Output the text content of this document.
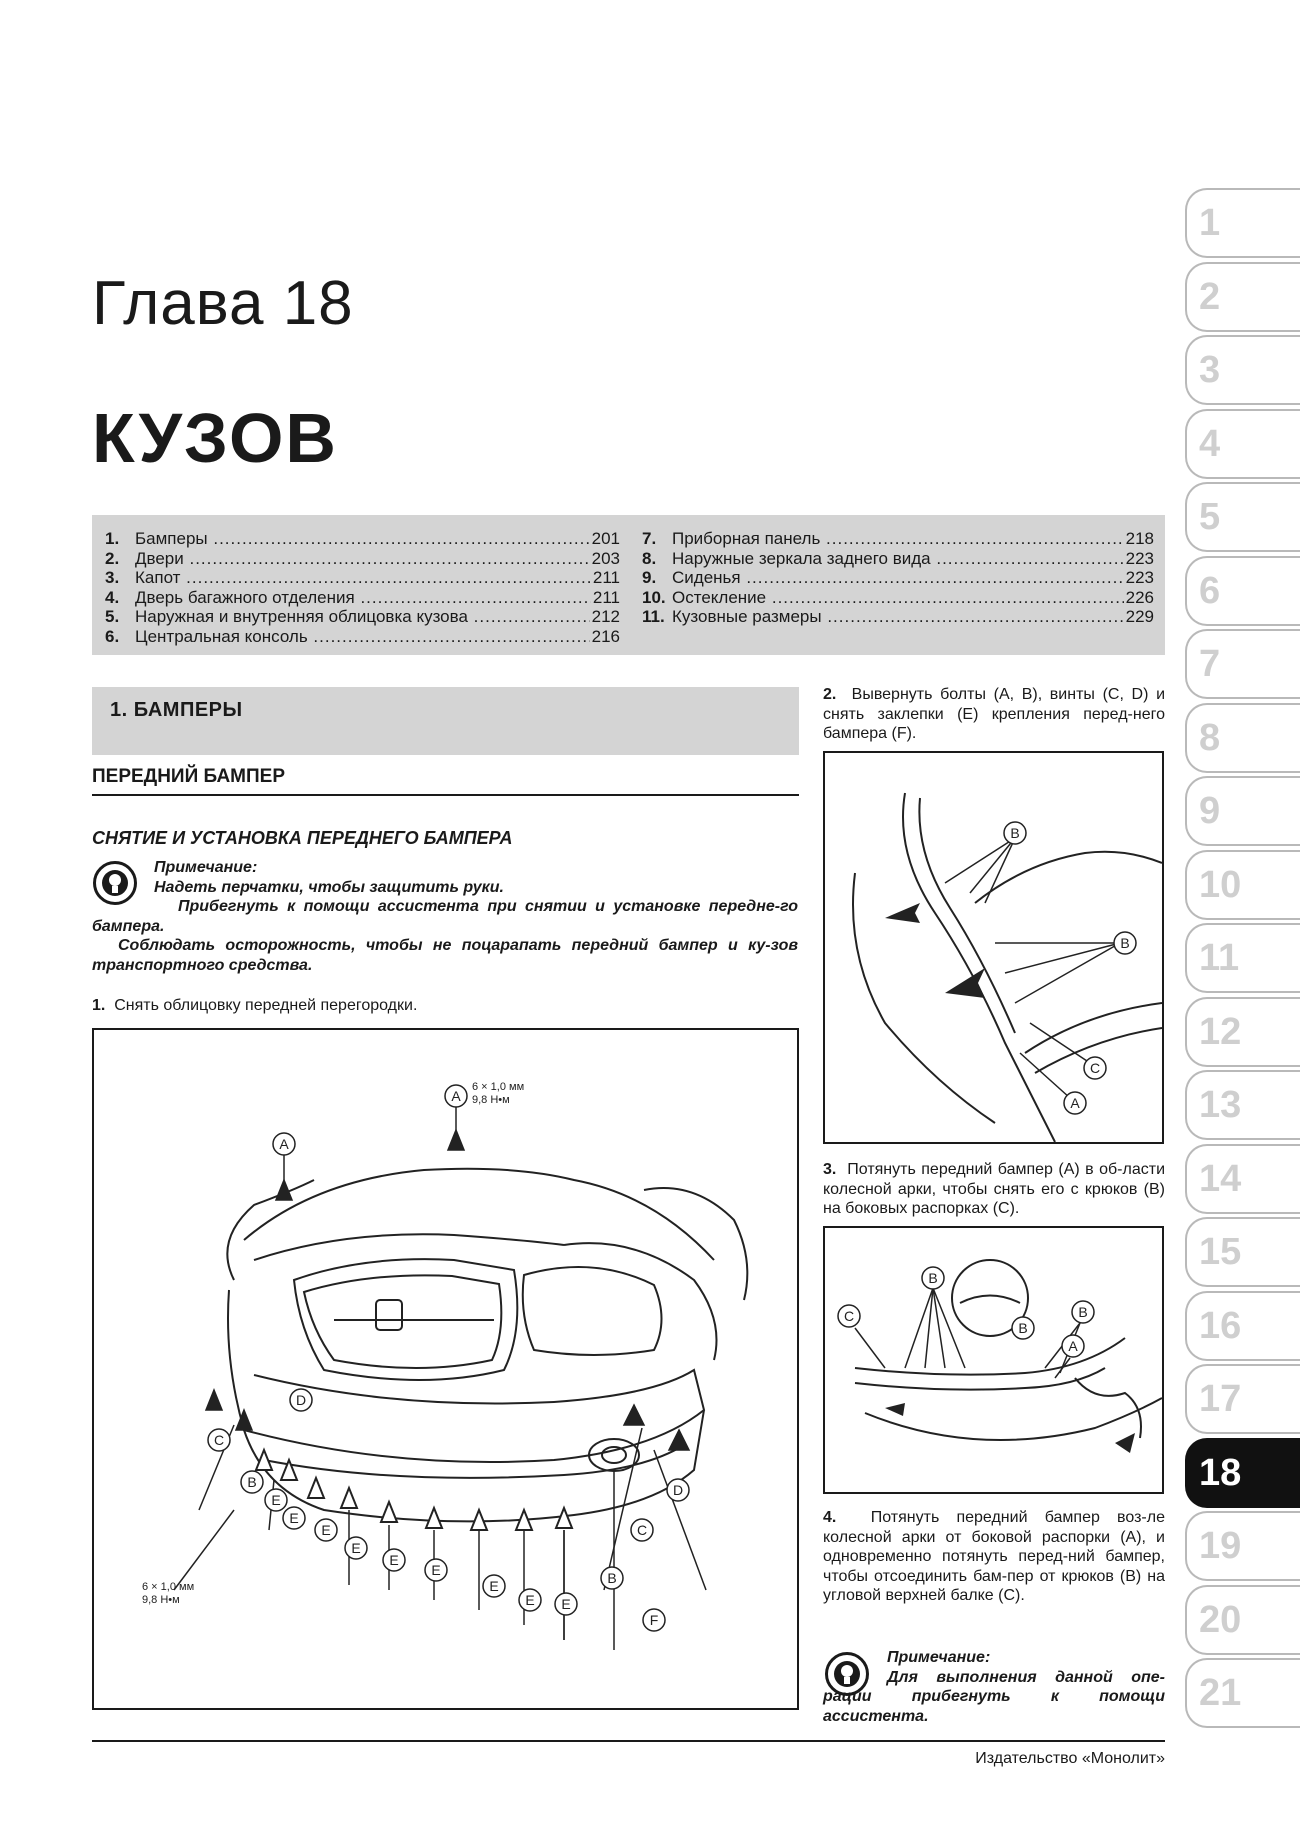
Глава 18
КУЗОВ
1. Бамперы .....	201
2. Двери .....	203
3. Капот .....	211
4. Дверь багажного отделения .....	211
5. Наружная и внутренняя облицовка кузова .....	212
6. Центральная консоль .....	216
7. Приборная панель .....	218
8. Наружные зеркала заднего вида .....	223
9. Сиденья .....	223
10. Остекление .....	226
11. Кузовные размеры .....	229
1. БАМПЕРЫ
ПЕРЕДНИЙ БАМПЕР
СНЯТИЕ И УСТАНОВКА ПЕРЕДНЕГО БАМПЕРА
Примечание:
Надеть перчатки, чтобы защитить руки.
Прибегнуть к помощи ассистента при снятии и установке передне-го бампера.
Соблюдать осторожность, чтобы не поцарапать передний бампер и ку-зов транспортного средства.
1. Снять облицовку передней перегородки.
A
A
D
C
B
E
E
E
E
E
E
E
E E
B
C
D
F
6 × 1,0 мм
9,8 Н•м
6 × 1,0 мм
9,8 Н•м
2. Вывернуть болты (A, B), винты (C, D) и снять заклепки (E) крепления перед-него бампера (F).
B
B
C
A
3. Потянуть передний бампер (A) в об-ласти колесной арки, чтобы снять его с крюков (B) на боковых распорках (C).
B
C
B
B
A
4. Потянуть передний бампер воз-ле колесной арки от боковой распорки (A), и одновременно потянуть перед-ний бампер, чтобы отсоединить бам-пер от крюков (B) на угловой верхней балке (C).
Примечание:
Для выполнения данной опе-рации прибегнуть к помощи ассистента.
Издательство «Монолит»
1
2
3
4
5
6
7
8
9
10
11
12
13
14
15
16
17
18
19
20
21
